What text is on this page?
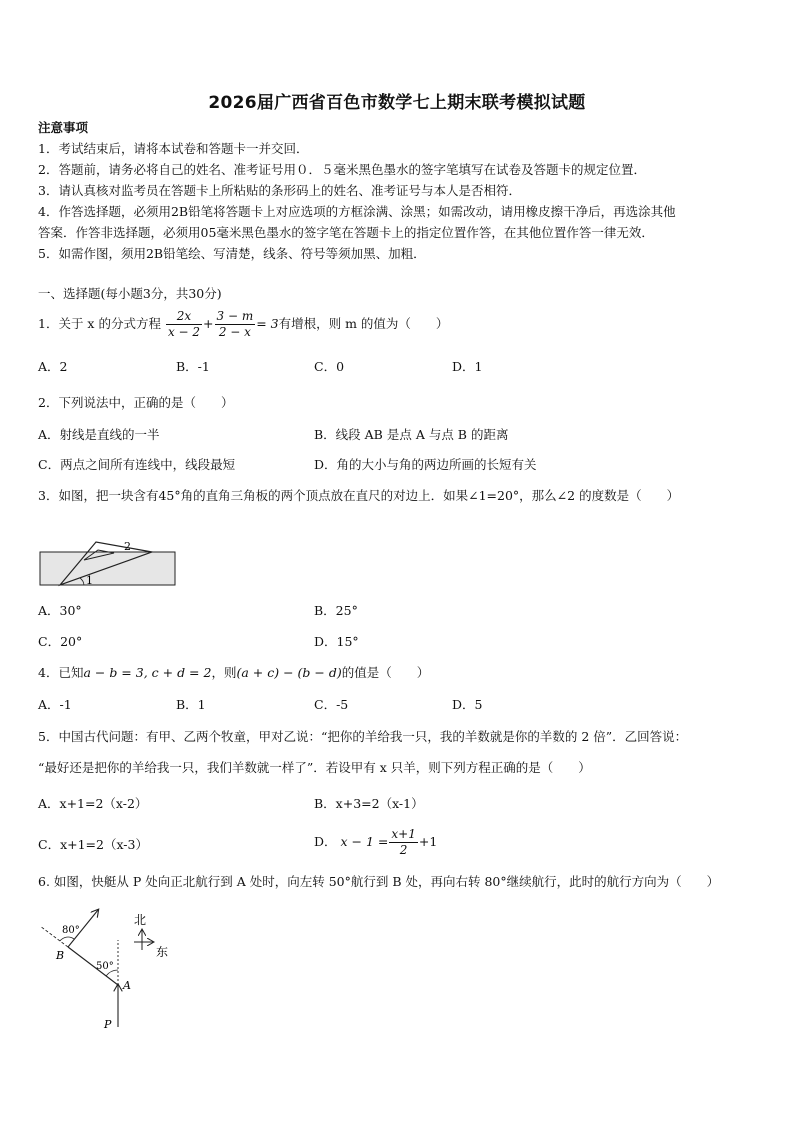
2026届广西省百色市数学七上期末联考模拟试题
注意事项
1．考试结束后，请将本试卷和答题卡一并交回．
2．答题前，请务必将自己的姓名、准考证号用０．５毫米黑色墨水的签字笔填写在试卷及答题卡的规定位置．
3．请认真核对监考员在答题卡上所粘贴的条形码上的姓名、准考证号与本人是否相符．
4．作答选择题，必须用2B铅笔将答题卡上对应选项的方框涂满、涂黑；如需改动，请用橡皮擦干净后，再选涂其他
答案．作答非选择题，必须用05毫米黑色墨水的签字笔在答题卡上的指定位置作答，在其他位置作答一律无效．
5．如需作图，须用2B铅笔绘、写清楚，线条、符号等须加黑、加粗．
一、选择题(每小题3分，共30分)
1．关于 x 的分式方程 $\frac{2x}{x - 2} + \frac{3 - m}{2 - x} = 3$有增根，则 m 的值为（　　）
A．2	B．-1	C．0	D．1
2．下列说法中，正确的是（　　）
A．射线是直线的一半	B．线段 AB 是点 A 与点 B 的距离
C．两点之间所有连线中，线段最短	D．角的大小与角的两边所画的长短有关
3．如图，把一块含有45°角的直角三角板的两个顶点放在直尺的对边上．如果∠1=20°，那么∠2 的度数是（　　）
1
2
A．30°	B．25°
C．20°	D．15°
4．已知a − b = 3, c + d = 2，则(a + c) − (b − d)的值是（　　）
A．-1	B．1	C．-5	D．5
5．中国古代问题：有甲、乙两个牧童，甲对乙说：“把你的羊给我一只，我的羊数就是你的羊数的 2 倍”．乙回答说：
“最好还是把你的羊给我一只，我们羊数就一样了”．若设甲有 x 只羊，则下列方程正确的是（　　）
A．x+1=2（x-2）	B．x+3=2（x-1）
C．x+1=2（x-3）	D． $x - 1 = \frac{x+1}{2} +1$
6. 如图，快艇从 P 处向正北航行到 A 处时，向左转 50°航行到 B 处，再向右转 80°继续航行，此时的航行方向为（　　）
80°
50°
B
A
P
北
东
